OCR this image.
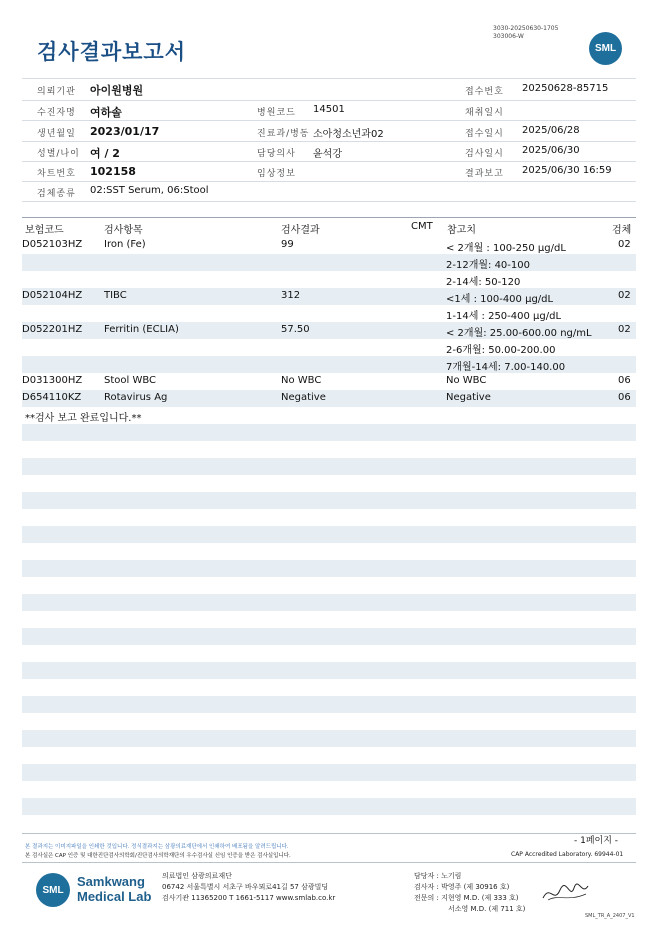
검사결과보고서
3030-20250630-1705
303006-W
SML
의뢰기관 아이원병원	접수번호 20250628-85715
수진자명 여하솔	병원코드 14501	채취일시
생년월일 2023/01/17	진료과/병동 소아청소년과02	접수일시 2025/06/28
성별/나이 여 / 2	담당의사 윤석강	검사일시 2025/06/30
차트번호 102158	임상정보	결과보고 2025/06/30 16:59
검체종류 02:SST Serum, 06:Stool
보험코드	검사항목	검사결과	CMT 참고치	검체
D052103HZ Iron (Fe)	99	< 2개월 : 100-250 μg/dL	02
2-12개월: 40-100
2-14세: 50-120
D052104HZ TIBC	312	<1세 : 100-400 μg/dL	02
1-14세 : 250-400 μg/dL
D052201HZ Ferritin (ECLIA)	57.50	< 2개월: 25.00-600.00 ng/mL	02
2-6개월: 50.00-200.00
7개월-14세: 7.00-140.00
D031300HZ Stool WBC	No WBC	No WBC	06
D654110KZ Rotavirus Ag	Negative	Negative	06
**검사 보고 완료입니다.**
- 1페이지 -
본 결과지는 이미지파일을 인쇄한 것입니다. 정식결과지는 삼광의료재단에서 인쇄하여 배포됨을 알려드립니다.
본 검사실은 CAP 인증 및 대한진단검사의학회/진단검사의학재단의 우수검사실 신임 인증을 받은 검사실입니다.	CAP Accredited Laboratory. 69944-01
SML
Samkwang
Medical Lab
의료법인 삼광의료재단
06742 서울특별시 서초구 바우뫼로41길 57 삼광빌딩
검사기관 11365200 T 1661-5117 www.smlab.co.kr
담당자 : 노기림
검사자 : 박영주 (제 30916 호)
전문의 : 지현영 M.D. (제 333 호)
서소영 M.D. (제 711 호)
SML_TR_A_2407_V1
